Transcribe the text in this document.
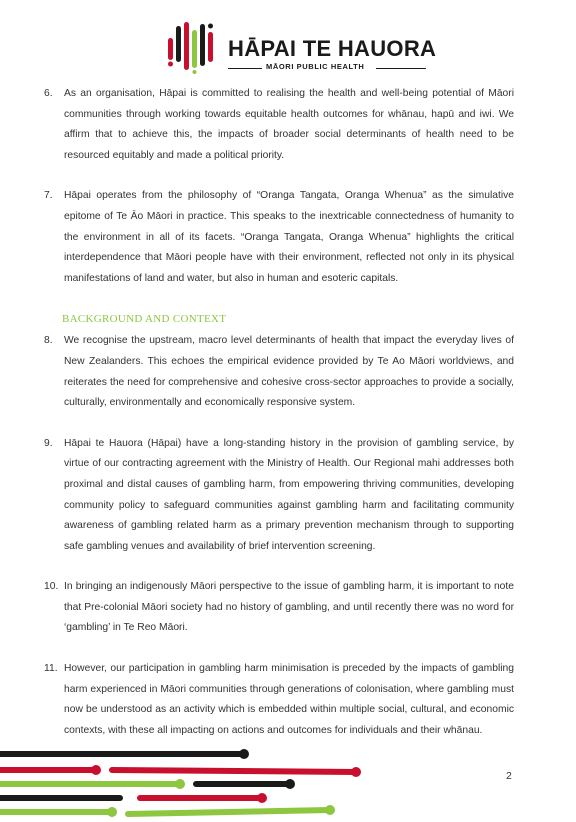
HĀPAI TE HAUORA
MĀORI PUBLIC HEALTH
6. As an organisation, Hāpai is committed to realising the health and well-being potential of Māori communities through working towards equitable health outcomes for whānau, hapū and iwi. We affirm that to achieve this, the impacts of broader social determinants of health need to be resourced equitably and made a political priority.
7. Hāpai operates from the philosophy of “Oranga Tangata, Oranga Whenua” as the simulative epitome of Te Āo Māori in practice. This speaks to the inextricable connectedness of humanity to the environment in all of its facets. “Oranga Tangata, Oranga Whenua” highlights the critical interdependence that Māori people have with their environment, reflected not only in its physical manifestations of land and water, but also in human and esoteric capitals.
BACKGROUND AND CONTEXT
8. We recognise the upstream, macro level determinants of health that impact the everyday lives of New Zealanders. This echoes the empirical evidence provided by Te Ao Māori worldviews, and reiterates the need for comprehensive and cohesive cross-sector approaches to provide a socially, culturally, environmentally and economically responsive system.
9. Hāpai te Hauora (Hāpai) have a long-standing history in the provision of gambling service, by virtue of our contracting agreement with the Ministry of Health. Our Regional mahi addresses both proximal and distal causes of gambling harm, from empowering thriving communities, developing community policy to safeguard communities against gambling harm and facilitating community awareness of gambling related harm as a primary prevention mechanism through to supporting safe gambling venues and availability of brief intervention screening.
10. In bringing an indigenously Māori perspective to the issue of gambling harm, it is important to note that Pre-colonial Māori society had no history of gambling, and until recently there was no word for ‘gambling’ in Te Reo Māori.
11. However, our participation in gambling harm minimisation is preceded by the impacts of gambling harm experienced in Māori communities through generations of colonisation, where gambling must now be understood as an activity which is embedded within multiple social, cultural, and economic contexts, with these all impacting on actions and outcomes for individuals and their whānau.
2
